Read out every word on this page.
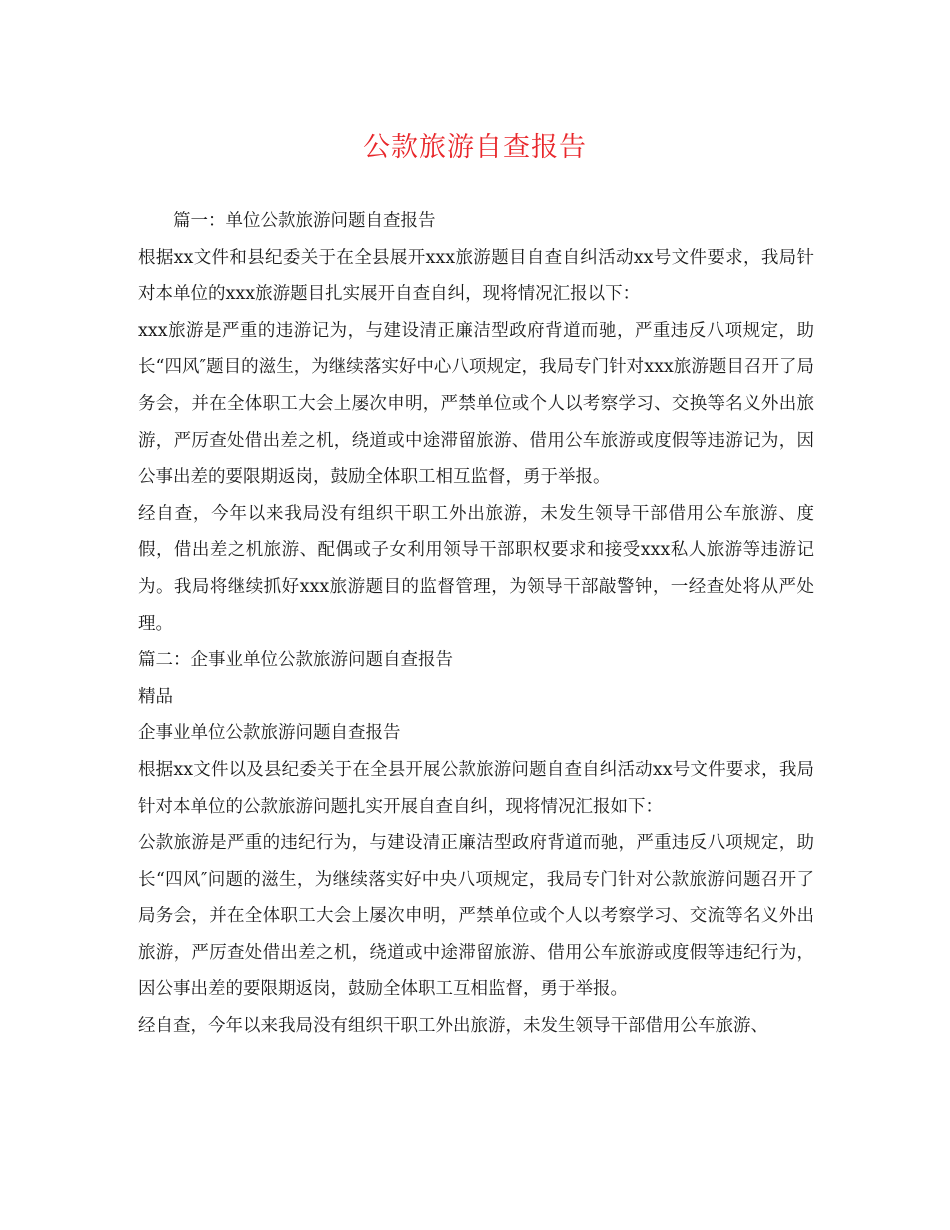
公款旅游自查报告

篇一：单位公款旅游问题自查报告

根据xx文件和县纪委关于在全县展开xxx旅游题目自查自纠活动xx号文件要求，我局针对本单位的xxx旅游题目扎实展开自查自纠，现将情况汇报以下：

xxx旅游是严重的违游记为，与建设清正廉洁型政府背道而驰，严重违反八项规定，助长“四风″题目的滋生，为继续落实好中心八项规定，我局专门针对xxx旅游题目召开了局务会，并在全体职工大会上屡次申明，严禁单位或个人以考察学习、交换等名义外出旅游，严厉查处借出差之机，绕道或中途滞留旅游、借用公车旅游或度假等违游记为，因公事出差的要限期返岗，鼓励全体职工相互监督，勇于举报。

经自查，今年以来我局没有组织干职工外出旅游，未发生领导干部借用公车旅游、度假，借出差之机旅游、配偶或子女利用领导干部职权要求和接受xxx私人旅游等违游记为。我局将继续抓好xxx旅游题目的监督管理，为领导干部敲警钟，一经查处将从严处理。

篇二：企事业单位公款旅游问题自查报告

精品

企事业单位公款旅游问题自查报告

根据xx文件以及县纪委关于在全县开展公款旅游问题自查自纠活动xx号文件要求，我局针对本单位的公款旅游问题扎实开展自查自纠，现将情况汇报如下：

公款旅游是严重的违纪行为，与建设清正廉洁型政府背道而驰，严重违反八项规定，助长“四风″问题的滋生，为继续落实好中央八项规定，我局专门针对公款旅游问题召开了局务会，并在全体职工大会上屡次申明，严禁单位或个人以考察学习、交流等名义外出旅游，严厉查处借出差之机，绕道或中途滞留旅游、借用公车旅游或度假等违纪行为，因公事出差的要限期返岗，鼓励全体职工互相监督，勇于举报。

经自查，今年以来我局没有组织干职工外出旅游，未发生领导干部借用公车旅游、
